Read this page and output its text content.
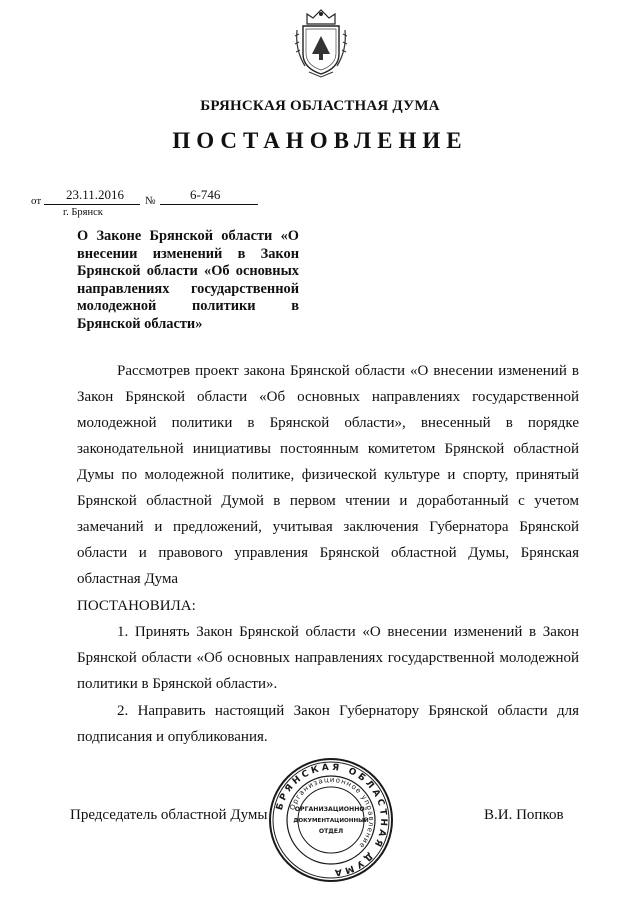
БРЯНСКАЯ ОБЛАСТНАЯ ДУМА
ПОСТАНОВЛЕНИЕ
от 23.11.2016 №	6-746
г. Брянск
О Законе Брянской области «О внесении изменений в Закон Брянской области «Об основных направлениях государственной молодежной политики в Брянской области»
Рассмотрев проект закона Брянской области «О внесении изменений в Закон Брянской области «Об основных направлениях государственной молодежной политики в Брянской области», внесенный в порядке законодательной инициативы постоянным комитетом Брянской областной Думы по молодежной политике, физической культуре и спорту, принятый Брянской областной Думой в первом чтении и доработанный с учетом замечаний и предложений, учитывая заключения Губернатора Брянской области и правового управления Брянской областной Думы, Брянская областная Дума
ПОСТАНОВИЛА:
1. Принять Закон Брянской области «О внесении изменений в Закон Брянской области «Об основных направлениях государственной молодежной политики в Брянской области».
2. Направить настоящий Закон Губернатору Брянской области для подписания и опубликования.
Председатель областной Думы	В.И. Попков
БРЯНСКАЯ ОБЛАСТНАЯ ДУМА
Организационное управление
ОРГАНИЗАЦИОННО-
ДОКУМЕНТАЦИОННЫЙ
ОТДЕЛ
